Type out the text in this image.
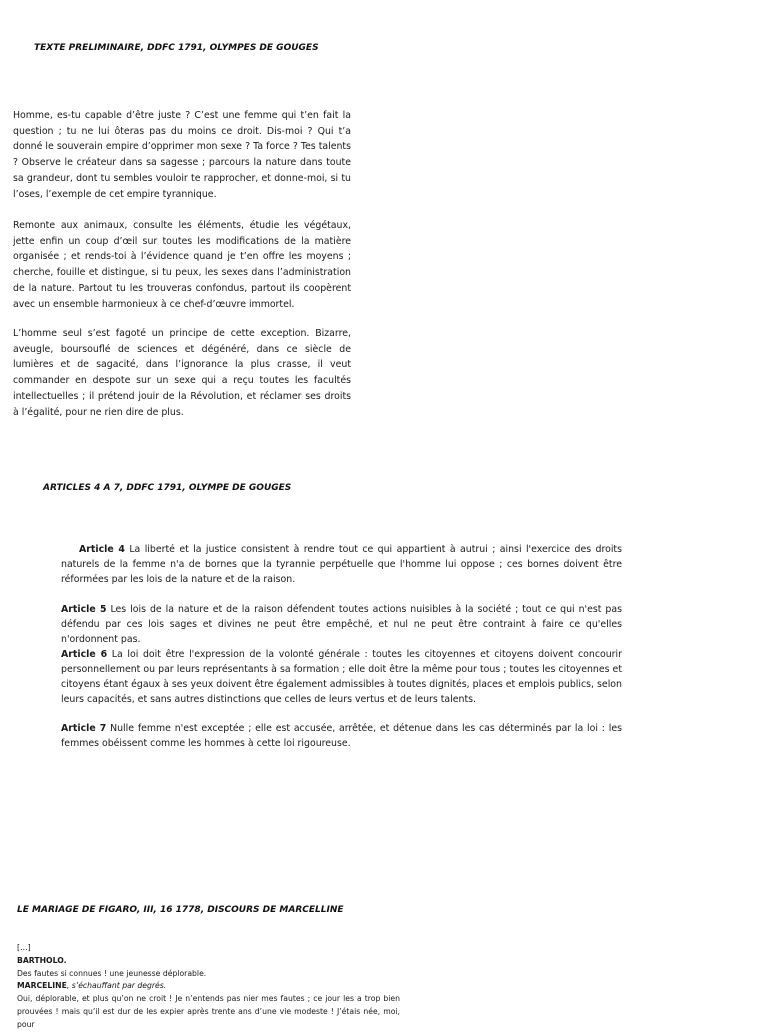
TEXTE PRELIMINAIRE, DDFC 1791, OLYMPES DE GOUGES

Homme, es-tu capable d’être juste ? C’est une femme qui t’en fait la question ; tu ne lui ôteras pas du moins ce droit. Dis-moi ? Qui t’a donné le souverain empire d’opprimer mon sexe ? Ta force ? Tes talents ? Observe le créateur dans sa sagesse ; parcours la nature dans toute sa grandeur, dont tu sembles vouloir te rapprocher, et donne-moi, si tu l’oses, l’exemple de cet empire tyrannique.

Remonte aux animaux, consulte les éléments, étudie les végétaux, jette enfin un coup d’œil sur toutes les modifications de la matière organisée ; et rends-toi à l’évidence quand je t’en offre les moyens ; cherche, fouille et distingue, si tu peux, les sexes dans l’administration de la nature. Partout tu les trouveras confondus, partout ils coopèrent avec un ensemble harmonieux à ce chef-d’œuvre immortel.

L’homme seul s’est fagoté un principe de cette exception. Bizarre, aveugle, boursouflé de sciences et dégénéré, dans ce siècle de lumières et de sagacité, dans l’ignorance la plus crasse, il veut commander en despote sur un sexe qui a reçu toutes les facultés intellectuelles ; il prétend jouir de la Révolution, et réclamer ses droits à l’égalité, pour ne rien dire de plus.

ARTICLES 4 A 7, DDFC 1791, OLYMPE DE GOUGES

Article 4 La liberté et la justice consistent à rendre tout ce qui appartient à autrui ; ainsi l'exercice des droits naturels de la femme n'a de bornes que la tyrannie perpétuelle que l'homme lui oppose ; ces bornes doivent être réformées par les lois de la nature et de la raison.

Article 5 Les lois de la nature et de la raison défendent toutes actions nuisibles à la société ; tout ce qui n'est pas défendu par ces lois sages et divines ne peut être empêché, et nul ne peut être contraint à faire ce qu'elles n'ordonnent pas.

Article 6 La loi doit être l'expression de la volonté générale : toutes les citoyennes et citoyens doivent concourir personnellement ou par leurs représentants à sa formation ; elle doit être la même pour tous ; toutes les citoyennes et citoyens étant égaux à ses yeux doivent être également admissibles à toutes dignités, places et emplois publics, selon leurs capacités, et sans autres distinctions que celles de leurs vertus et de leurs talents.

Article 7 Nulle femme n'est exceptée ; elle est accusée, arrêtée, et détenue dans les cas déterminés par la loi : les femmes obéissent comme les hommes à cette loi rigoureuse.

LE MARIAGE DE FIGARO, III, 16 1778, DISCOURS DE MARCELLINE
[…]
BARTHOLO.
Des fautes si connues ! une jeunesse déplorable.
MARCELINE, s’échauffant par degrés.
Oui, déplorable, et plus qu’on ne croit ! Je n’entends pas nier mes fautes ; ce jour les a trop bien prouvées ! mais qu’il est dur de les expier après trente ans d’une vie modeste ! J’étais née, moi, pour
